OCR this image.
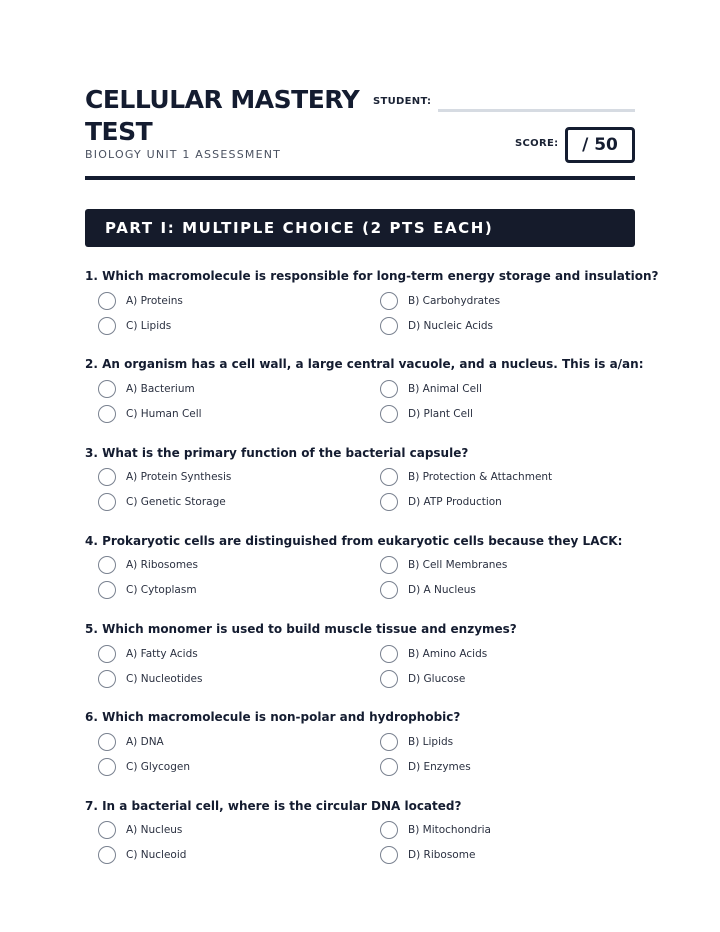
CELLULAR MASTERY TEST
BIOLOGY UNIT 1 ASSESSMENT
STUDENT:
SCORE: / 50
PART I: MULTIPLE CHOICE (2 PTS EACH)
1. Which macromolecule is responsible for long-term energy storage and insulation?
A) Proteins	B) Carbohydrates
C) Lipids	D) Nucleic Acids
2. An organism has a cell wall, a large central vacuole, and a nucleus. This is a/an:
A) Bacterium	B) Animal Cell
C) Human Cell	D) Plant Cell
3. What is the primary function of the bacterial capsule?
A) Protein Synthesis	B) Protection & Attachment
C) Genetic Storage	D) ATP Production
4. Prokaryotic cells are distinguished from eukaryotic cells because they LACK:
A) Ribosomes	B) Cell Membranes
C) Cytoplasm	D) A Nucleus
5. Which monomer is used to build muscle tissue and enzymes?
A) Fatty Acids	B) Amino Acids
C) Nucleotides	D) Glucose
6. Which macromolecule is non-polar and hydrophobic?
A) DNA	B) Lipids
C) Glycogen	D) Enzymes
7. In a bacterial cell, where is the circular DNA located?
A) Nucleus	B) Mitochondria
C) Nucleoid	D) Ribosome
